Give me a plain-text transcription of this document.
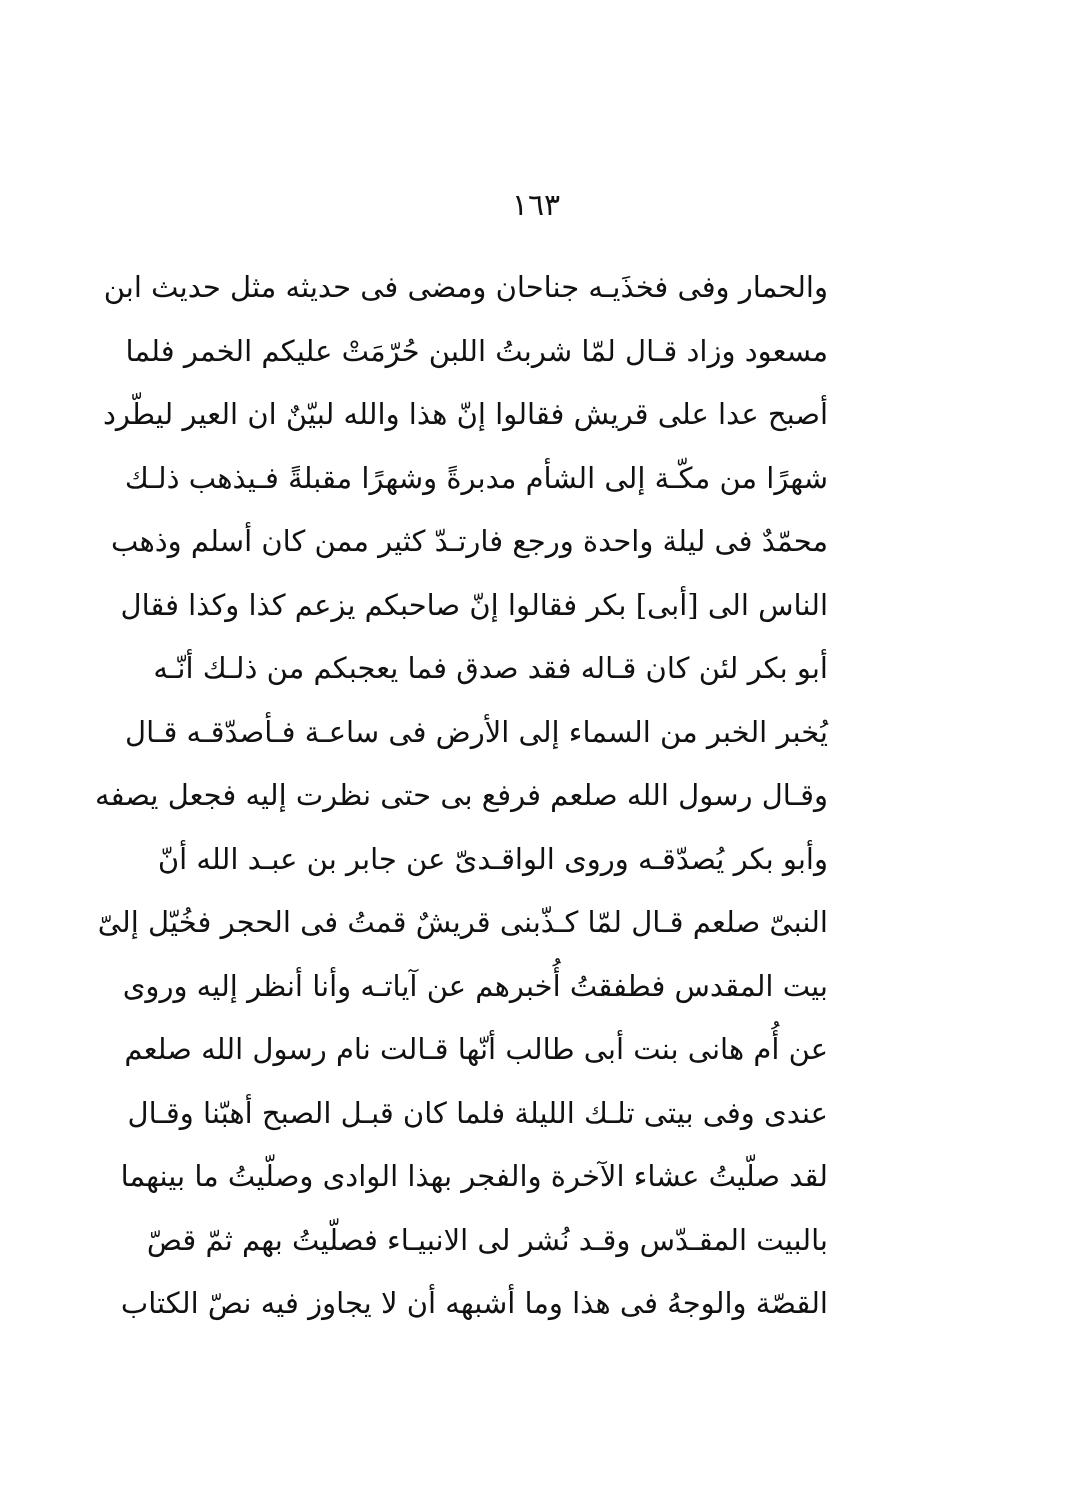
١٦٣
والحمار وفى فخذَيـه جناحان ومضى فى حديثه مثل حديث ابن
مسعود وزاد قـال لمّا شربتُ اللبن حُرّمَتْ عليكم الخمر فلما
أصبح عدا على قريش فقالوا إنّ هذا والله لبيّنٌ ان العير ليطّرد
شهرًا من مكّـة إلى الشأم مدبرةً وشهرًا مقبلةً فـيذهب ذلـك
محمّدٌ فى ليلة واحدة ورجع فارتـدّ كثير ممن كان أسلم وذهب
الناس الى [أبى] بكر فقالوا إنّ صاحبكم يزعم كذا وكذا فقال
أبو بكر لئن كان قـاله فقد صدق فما يعجبكم من ذلـك أنّـه
يُخبر الخبر من السماء إلى الأرض فى ساعـة فـأصدّقـه قـال
وقـال رسول الله صلعم فرفع بى حتى نظرت إليه فجعل يصفه
وأبو بكر يُصدّقـه وروى الواقـدىّ عن جابر بن عبـد الله أنّ
النبىّ صلعم قـال لمّا كـذّبنى قريشٌ قمتُ فى الحجر فخُيّل إلىّ
بيت المقدس فطفقتُ أُخبرهم عن آياتـه وأنا أنظر إليه وروى
عن أُم هانى بنت أبى طالب أنّها قـالت نام رسول الله صلعم
عندى وفى بيتى تلـك الليلة فلما كان قبـل الصبح أهبّنا وقـال
لقد صلّيتُ عشاء الآخرة والفجر بهذا الوادى وصلّيتُ ما بينهما
بالبيت المقـدّس وقـد نُشر لى الانبيـاء فصلّيتُ بهم ثمّ قصّ
القصّة والوجهُ فى هذا وما أشبهه أن لا يجاوز فيه نصّ الكتاب
